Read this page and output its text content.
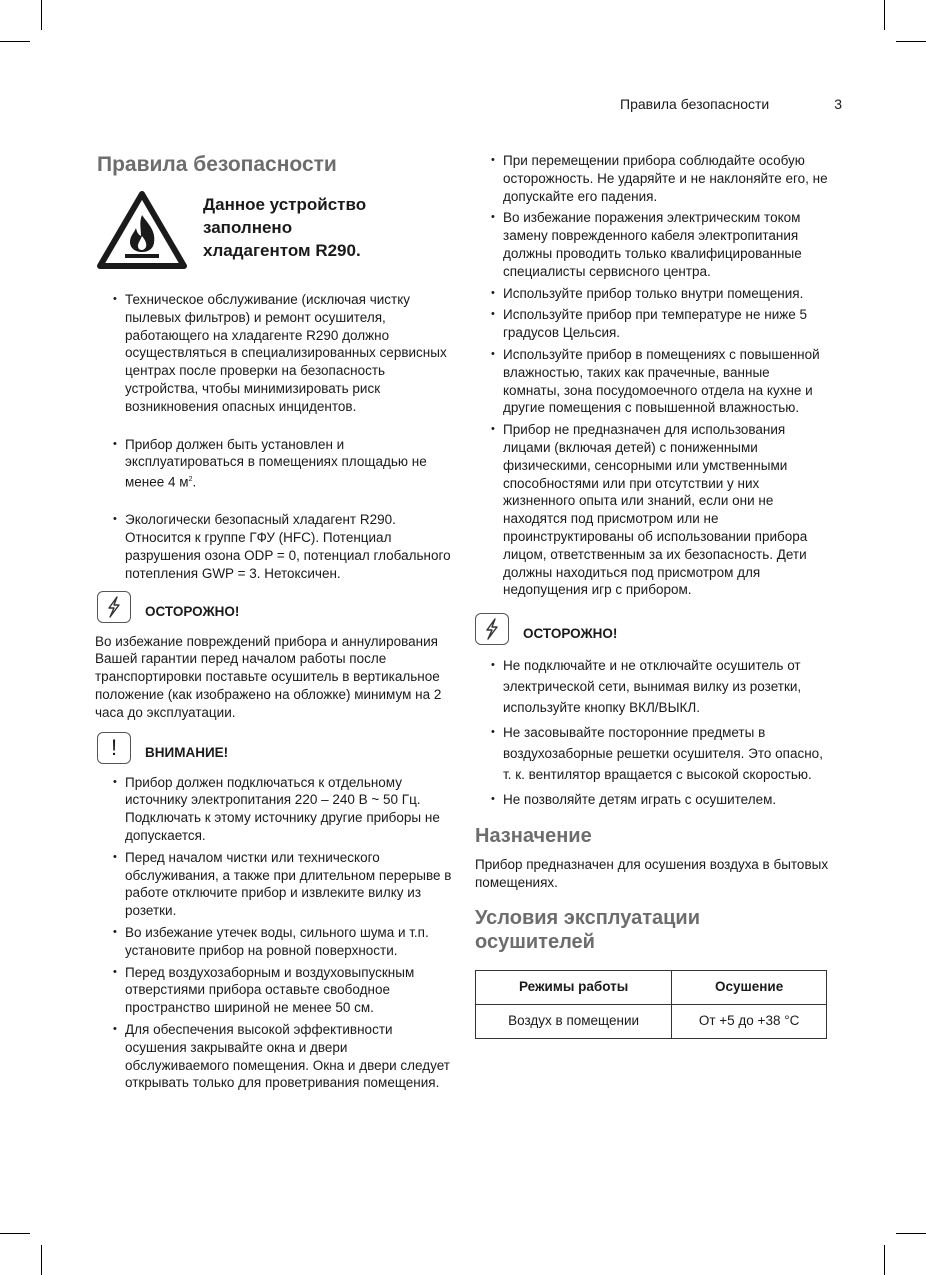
Правила безопасности	3
Правила безопасности
Данное устройство
заполнено
хладагентом R290.
• Техническое обслуживание (исключая чистку пылевых фильтров) и ремонт осушителя, работающего на хладагенте R290 должно осуществляться в специализированных сервисных центрах после проверки на безопасность устройства, чтобы минимизировать риск возникновения опасных инцидентов.
• Прибор должен быть установлен и эксплуатироваться в помещениях площадью не менее 4 $м^2$.
• Экологически безопасный хладагент R290. Относится к группе ГФУ (HFC). Потенциал разрушения озона ODP = 0, потенциал глобального потепления GWP = 3. Нетоксичен.
ОСТОРОЖНО!

Во избежание повреждений прибора и аннулирования Вашей гарантии перед началом работы после транспортировки поставьте осушитель в вертикальное положение (как изображено на обложке) минимум на 2 часа до эксплуатации.

! ВНИМАНИЕ!
• Прибор должен подключаться к отдельному источнику электропитания 220 – 240 В ~ 50 Гц. Подключать к этому источнику другие приборы не допускается.
• Перед началом чистки или технического обслуживания, а также при длительном перерыве в работе отключите прибор и извлеките вилку из розетки.
• Во избежание утечек воды, сильного шума и т.п. установите прибор на ровной поверхности.
• Перед воздухозаборным и воздуховыпускным отверстиями прибора оставьте свободное пространство шириной не менее 50 см.
• Для обеспечения высокой эффективности осушения закрывайте окна и двери обслуживаемого помещения. Окна и двери следует открывать только для проветривания помещения.
• При перемещении прибора соблюдайте особую осторожность. Не ударяйте и не наклоняйте его, не допускайте его падения.
• Во избежание поражения электрическим током замену поврежденного кабеля электропитания должны проводить только квалифицированные специалисты сервисного центра.
• Используйте прибор только внутри помещения.
• Используйте прибор при температуре не ниже 5 градусов Цельсия.
• Используйте прибор в помещениях с повышенной влажностью, таких как прачечные, ванные комнаты, зона посудомоечного отдела на кухне и другие помещения с повышенной влажностью.
• Прибор не предназначен для использования лицами (включая детей) с пониженными физическими, сенсорными или умственными способностями или при отсутствии у них жизненного опыта или знаний, если они не находятся под присмотром или не проинструктированы об использовании прибора лицом, ответственным за их безопасность. Дети должны находиться под присмотром для недопущения игр с прибором.
ОСТОРОЖНО!
• Не подключайте и не отключайте осушитель от электрической сети, вынимая вилку из розетки, используйте кнопку ВКЛ/ВЫКЛ.
• Не засовывайте посторонние предметы в воздухозаборные решетки осушителя. Это опасно, т. к. вентилятор вращается с высокой скоростью.
• Не позволяйте детям играть с осушителем.
Назначение

Прибор предназначен для осушения воздуха в бытовых помещениях.

Условия эксплуатации осушителей
Режимы работы	Осушение
Воздух в помещении	От +5 до +38 °C
